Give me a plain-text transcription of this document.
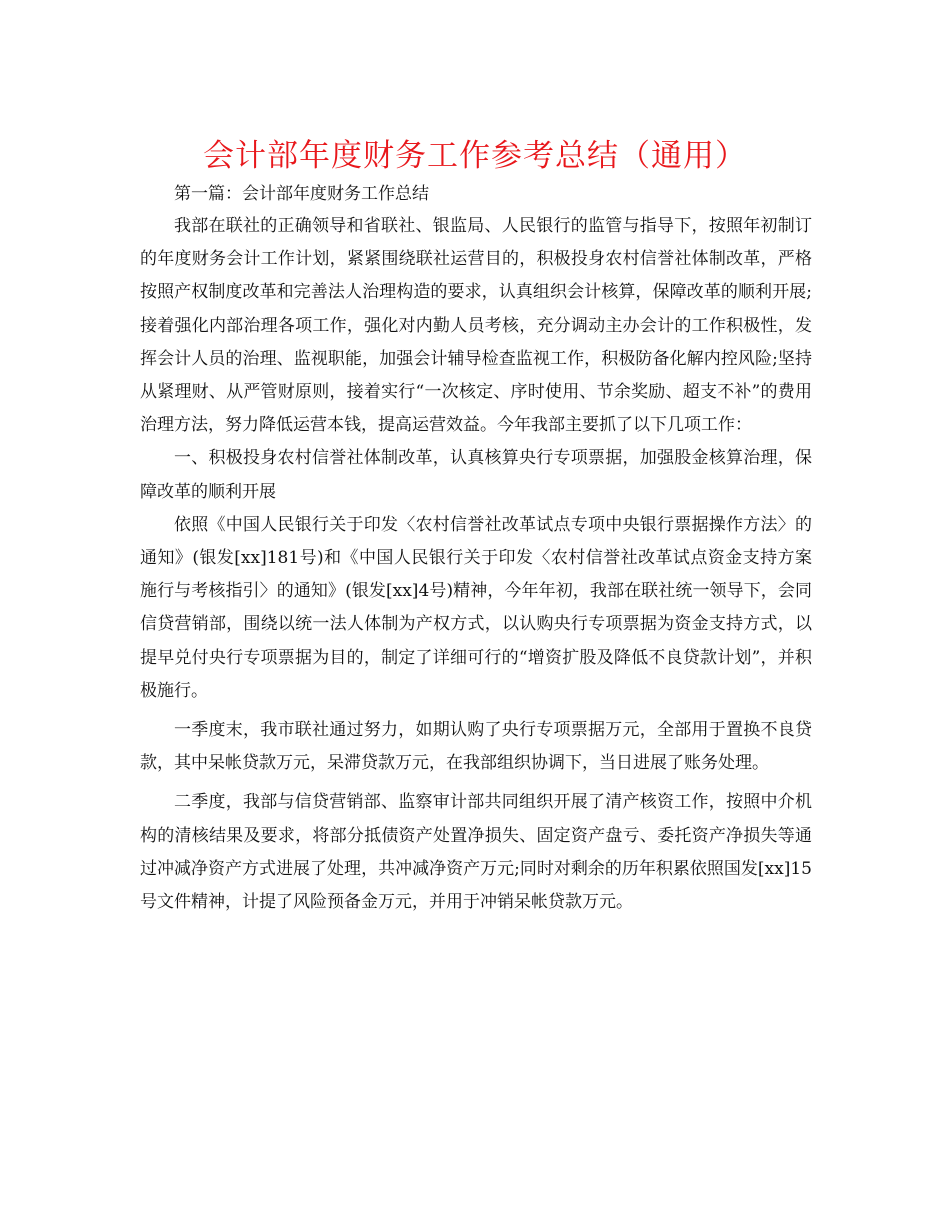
会计部年度财务工作参考总结（通用）

第一篇：会计部年度财务工作总结

我部在联社的正确领导和省联社、银监局、人民银行的监管与指导下，按照年初制订的年度财务会计工作计划，紧紧围绕联社运营目的，积极投身农村信誉社体制改革，严格按照产权制度改革和完善法人治理构造的要求，认真组织会计核算，保障改革的顺利开展;接着强化内部治理各项工作，强化对内勤人员考核，充分调动主办会计的工作积极性，发挥会计人员的治理、监视职能，加强会计辅导检查监视工作，积极防备化解内控风险;坚持从紧理财、从严管财原则，接着实行“一次核定、序时使用、节余奖励、超支不补”的费用治理方法，努力降低运营本钱，提高运营效益。今年我部主要抓了以下几项工作：

一、积极投身农村信誉社体制改革，认真核算央行专项票据，加强股金核算治理，保障改革的顺利开展

依照《中国人民银行关于印发〈农村信誉社改革试点专项中央银行票据操作方法〉的通知》(银发[xx]181号)和《中国人民银行关于印发〈农村信誉社改革试点资金支持方案施行与考核指引〉的通知》(银发[xx]4号)精神，今年年初，我部在联社统一领导下，会同信贷营销部，围绕以统一法人体制为产权方式，以认购央行专项票据为资金支持方式，以提早兑付央行专项票据为目的，制定了详细可行的“增资扩股及降低不良贷款计划”，并积极施行。

一季度末，我市联社通过努力，如期认购了央行专项票据万元，全部用于置换不良贷款，其中呆帐贷款万元，呆滞贷款万元，在我部组织协调下，当日进展了账务处理。

二季度，我部与信贷营销部、监察审计部共同组织开展了清产核资工作，按照中介机构的清核结果及要求，将部分抵债资产处置净损失、固定资产盘亏、委托资产净损失等通过冲减净资产方式进展了处理，共冲减净资产万元;同时对剩余的历年积累依照国发[xx]15号文件精神，计提了风险预备金万元，并用于冲销呆帐贷款万元。
